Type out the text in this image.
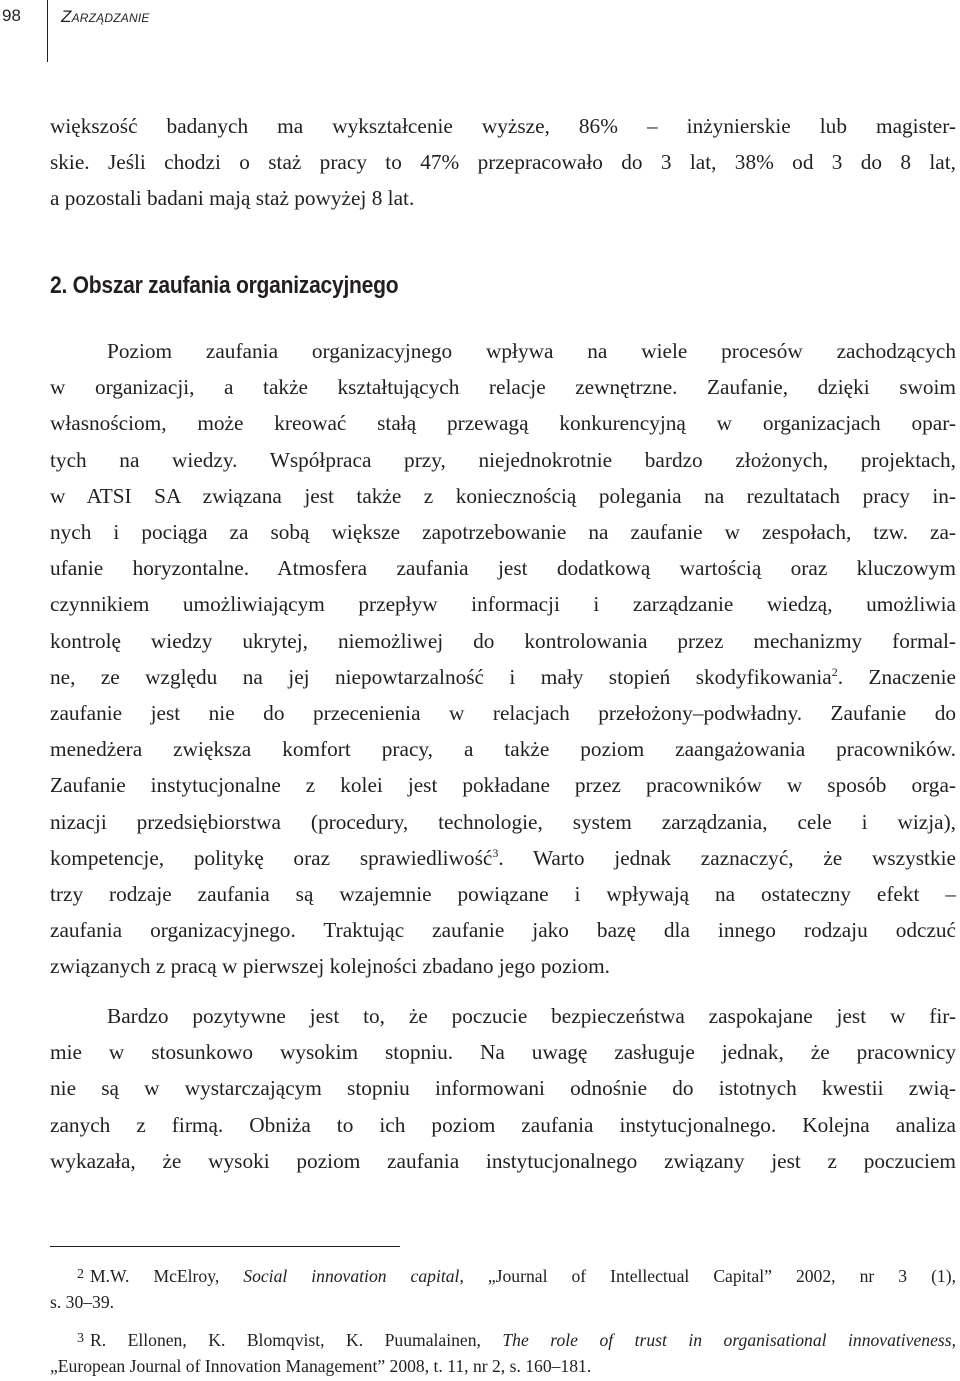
98 Zarządzanie
większość badanych ma wykształcenie wyższe, 86% – inżynierskie lub magister-
skie. Jeśli chodzi o staż pracy to 47% przepracowało do 3 lat, 38% od 3 do 8 lat,
a pozostali badani mają staż powyżej 8 lat.
2. Obszar zaufania organizacyjnego
Poziom zaufania organizacyjnego wpływa na wiele procesów zachodzących
w organizacji, a także kształtujących relacje zewnętrzne. Zaufanie, dzięki swoim
własnościom, może kreować stałą przewagą konkurencyjną w organizacjach opar-
tych na wiedzy. Współpraca przy, niejednokrotnie bardzo złożonych, projektach,
w ATSI SA związana jest także z koniecznością polegania na rezultatach pracy in-
nych i pociąga za sobą większe zapotrzebowanie na zaufanie w zespołach, tzw. za-
ufanie horyzontalne. Atmosfera zaufania jest dodatkową wartością oraz kluczowym
czynnikiem umożliwiającym przepływ informacji i zarządzanie wiedzą, umożliwia
kontrolę wiedzy ukrytej, niemożliwej do kontrolowania przez mechanizmy formal-
ne, ze względu na jej niepowtarzalność i mały stopień skodyfikowania$^2$. Znaczenie
zaufanie jest nie do przecenienia w relacjach przełożony–podwładny. Zaufanie do
menedżera zwiększa komfort pracy, a także poziom zaangażowania pracowników.
Zaufanie instytucjonalne z kolei jest pokładane przez pracowników w sposób orga-
nizacji przedsiębiorstwa (procedury, technologie, system zarządzania, cele i wizja),
kompetencje, politykę oraz sprawiedliwość$^3$. Warto jednak zaznaczyć, że wszystkie
trzy rodzaje zaufania są wzajemnie powiązane i wpływają na ostateczny efekt –
zaufania organizacyjnego. Traktując zaufanie jako bazę dla innego rodzaju odczuć
związanych z pracą w pierwszej kolejności zbadano jego poziom.
Bardzo pozytywne jest to, że poczucie bezpieczeństwa zaspokajane jest w fir-
mie w stosunkowo wysokim stopniu. Na uwagę zasługuje jednak, że pracownicy
nie są w wystarczającym stopniu informowani odnośnie do istotnych kwestii zwią-
zanych z firmą. Obniża to ich poziom zaufania instytucjonalnego. Kolejna analiza
wykazała, że wysoki poziom zaufania instytucjonalnego związany jest z poczuciem
2 M.W. McElroy, Social innovation capital, „Journal of Intellectual Capital” 2002, nr 3 (1),
s. 30–39.
3 R. Ellonen, K. Blomqvist, K. Puumalainen, The role of trust in organisational innovativeness,
„European Journal of Innovation Management” 2008, t. 11, nr 2, s. 160–181.
